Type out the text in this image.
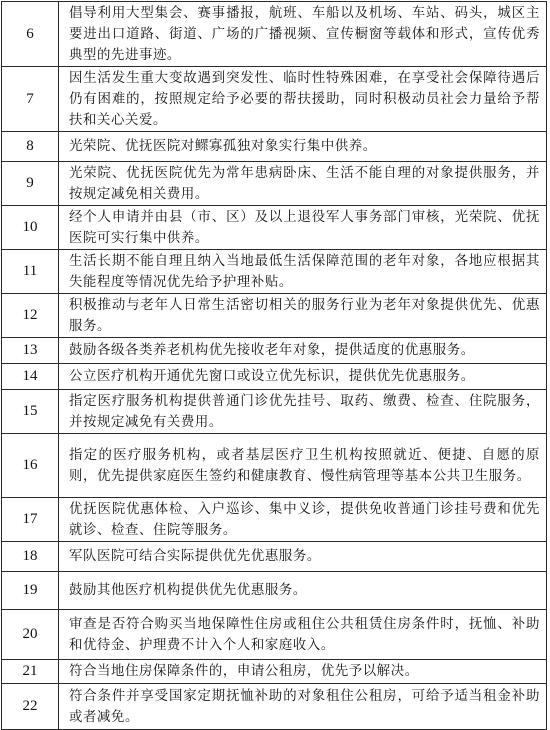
6	倡导利用大型集会、赛事播报，航班、车船以及机场、车站、码头，城区主要进出口道路、街道、广场的广播视频、宣传橱窗等载体和形式，宣传优秀典型的先进事迹。
7	因生活发生重大变故遇到突发性、临时性特殊困难，在享受社会保障待遇后仍有困难的，按照规定给予必要的帮扶援助，同时积极动员社会力量给予帮扶和关心关爱。
8	光荣院、优抚医院对鳏寡孤独对象实行集中供养。
9	光荣院、优抚医院优先为常年患病卧床、生活不能自理的对象提供服务，并按规定减免相关费用。
10	经个人申请并由县（市、区）及以上退役军人事务部门审核，光荣院、优抚医院可实行集中供养。
11	生活长期不能自理且纳入当地最低生活保障范围的老年对象，各地应根据其失能程度等情况优先给予护理补贴。
12	积极推动与老年人日常生活密切相关的服务行业为老年对象提供优先、优惠服务。
13	鼓励各级各类养老机构优先接收老年对象，提供适度的优惠服务。
14	公立医疗机构开通优先窗口或设立优先标识，提供优先优惠服务。
15	指定医疗服务机构提供普通门诊优先挂号、取药、缴费、检查、住院服务，并按规定减免有关费用。
16	指定的医疗服务机构，或者基层医疗卫生机构按照就近、便捷、自愿的原则，优先提供家庭医生签约和健康教育、慢性病管理等基本公共卫生服务。
17	优抚医院优惠体检、入户巡诊、集中义诊，提供免收普通门诊挂号费和优先就诊、检查、住院等服务。
18	军队医院可结合实际提供优先优惠服务。
19	鼓励其他医疗机构提供优先优惠服务。
20	审查是否符合购买当地保障性住房或租住公共租赁住房条件时，抚恤、补助和优待金、护理费不计入个人和家庭收入。
21	符合当地住房保障条件的，申请公租房，优先予以解决。
22	符合条件并享受国家定期抚恤补助的对象租住公租房，可给予适当租金补助或者减免。
